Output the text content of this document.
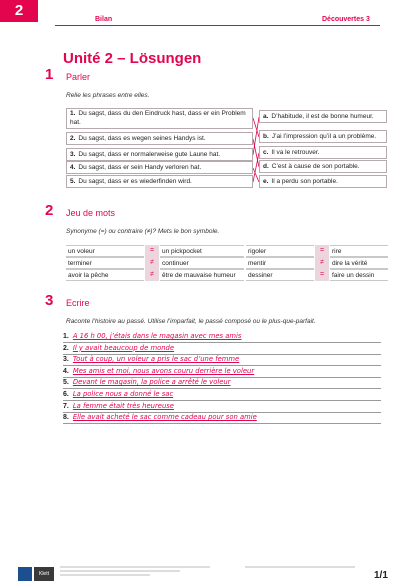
2
Bilan	Découvertes 3
Unité 2 – Lösungen
1 Parler
Relie les phrases entre elles.
1. Du sagst, dass du den Eindruck hast, dass er ein Problem hat.
2. Du sagst, dass es wegen seines Handys ist.
3. Du sagst, dass er normalerweise gute Laune hat.
4. Du sagst, dass er sein Handy verloren hat.
5. Du sagst, dass er es wiederfinden wird.
a. D’habitude, il est de bonne humeur.
b. J’ai l’impression qu’il a un problème.
c. Il va le retrouver.
d. C’est à cause de son portable.
e. Il a perdu son portable.
2 Jeu de mots
Synonyme (=) ou contraire (≠)? Mets le bon symbole.
un voleur	=	un pickpocket	rigoler	=	rire
terminer	≠	continuer	mentir	≠	dire la vérité
avoir la pêche	≠	être de mauvaise humeur	dessiner	=	faire un dessin
3 Ecrire
Raconte l’histoire au passé. Utilise l’imparfait, le passé composé ou le plus-que-parfait.
1. A 16 h 00, j’étais dans le magasin avec mes amis
2. Il y avait beaucoup de monde
3. Tout à coup, un voleur a pris le sac d’une femme
4. Mes amis et moi, nous avons couru derrière le voleur
5. Devant le magasin, la police a arrêté le voleur
6. La police nous a donné le sac
7. La femme était très heureuse
8. Elle avait acheté le sac comme cadeau pour son amie
Klett	1/1
